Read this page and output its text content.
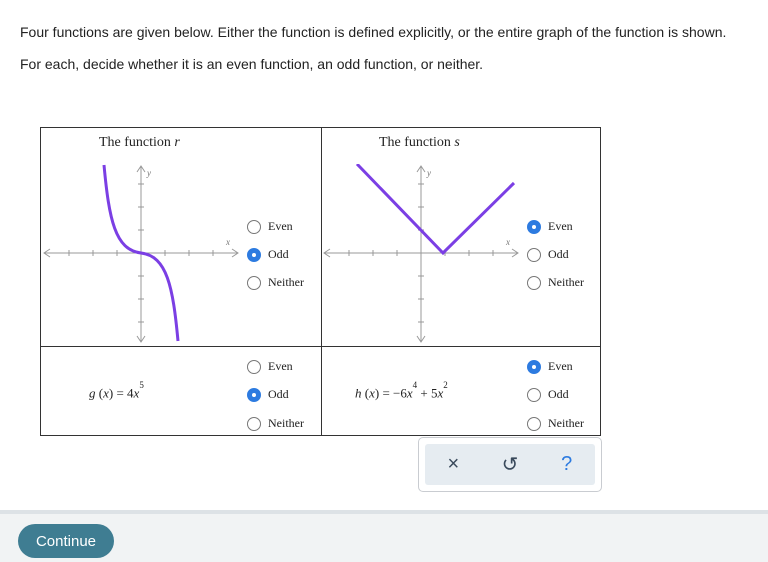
Four functions are given below. Either the function is defined explicitly, or the entire graph of the function is shown.
For each, decide whether it is an even function, an odd function, or neither.
The function r
y
x
Even
Odd
Neither
The function s
y
x
Even
Odd
Neither
g $(x) = 4x^5$
Even
Odd
Neither
h $(x) = -6x^4 + 5x^2$
Even
Odd
Neither
×	↺	?
Continue
